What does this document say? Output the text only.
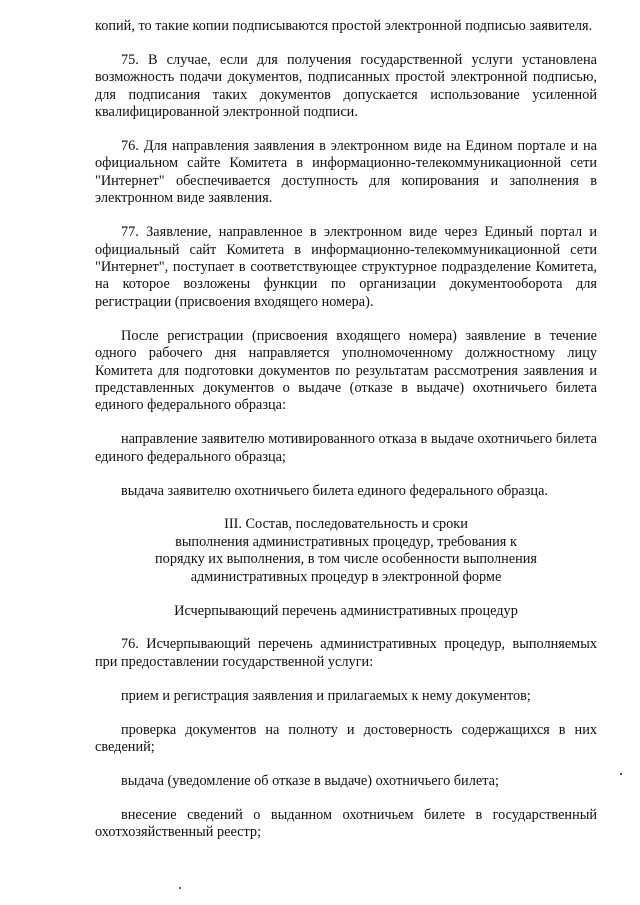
копий, то такие копии подписываются простой электронной подписью заявителя.

75. В случае, если для получения государственной услуги установлена возможность подачи документов, подписанных простой электронной подписью, для подписания таких документов допускается использование усиленной квалифицированной электронной подписи.

76. Для направления заявления в электронном виде на Едином портале и на официальном сайте Комитета в информационно-телекоммуникационной сети "Интернет" обеспечивается доступность для копирования и заполнения в электронном виде заявления.

77. Заявление, направленное в электронном виде через Единый портал и официальный сайт Комитета в информационно-телекоммуникационной сети "Интернет", поступает в соответствующее структурное подразделение Комитета, на которое возложены функции по организации документооборота для регистрации (присвоения входящего номера).

После регистрации (присвоения входящего номера) заявление в течение одного рабочего дня направляется уполномоченному должностному лицу Комитета для подготовки документов по результатам рассмотрения заявления и представленных документов о выдаче (отказе в выдаче) охотничьего билета единого федерального образца:

направление заявителю мотивированного отказа в выдаче охотничьего билета единого федерального образца;

выдача заявителю охотничьего билета единого федерального образца.

III. Состав, последовательность и сроки
выполнения административных процедур, требования к
порядку их выполнения, в том числе особенности выполнения
административных процедур в электронной форме
Исчерпывающий перечень административных процедур

76. Исчерпывающий перечень административных процедур, выполняемых при предоставлении государственной услуги:

прием и регистрация заявления и прилагаемых к нему документов;

проверка документов на полноту и достоверность содержащихся в них сведений;

выдача (уведомление об отказе в выдаче) охотничьего билета;

внесение сведений о выданном охотничьем билете в государственный охотхозяйственный реестр;
